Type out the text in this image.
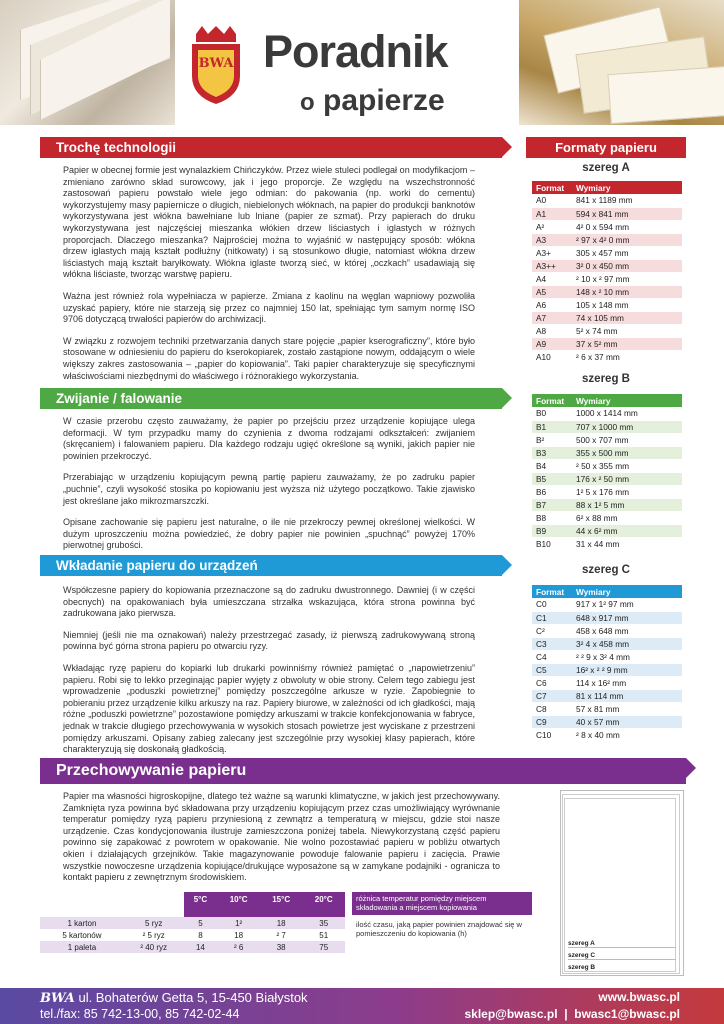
BWA Poradnik
o papierze
Trochę technologii

Papier w obecnej formie jest wynalazkiem Chińczyków. Przez wiele stuleci podlegał on modyfikacjom – zmieniano zarówno skład surowcowy, jak i jego proporcje. Ze względu na wszechstronność zastosowań papieru powstało wiele jego odmian: do pakowania (np. worki do cementu) wykorzystujemy masy papiernicze o długich, niebielonych włóknach, na papier do produkcji banknotów wykorzystywana jest włókna bawełniane lub lniane (papier ze szmat). Przy papierach do druku wykorzystywana jest najczęściej mieszanka włókien drzew liściastych i iglastych w różnych proporcjach. Dlaczego mieszanka? Najprościej można to wyjaśnić w następujący sposób: włókna drzew iglastych mają kształt podłużny (nitkowaty) i są stosunkowo długie, natomiast włókna drzew liściastych mają kształt baryłkowaty. Włókna iglaste tworzą sieć, w której „oczkach” usadawiają się włókna liściaste, tworząc warstwę papieru.

Ważna jest również rola wypełniacza w papierze. Zmiana z kaolinu na węglan wapniowy pozwoliła uzyskać papiery, które nie starzeją się przez co najmniej 150 lat, spełniając tym samym normę ISO 9706 dotyczącą trwałości papierów do archiwizacji.

W związku z rozwojem techniki przetwarzania danych stare pojęcie „papier kserograficzny”, które było stosowane w odniesieniu do papieru do kserokopiarek, zostało zastąpione nowym, oddającym o wiele większy zakres zastosowania – „papier do kopiowania”. Taki papier charakteryzuje się specyficznymi właściwościami niezbędnymi do właściwego i różnorakiego wykorzystania.

Zwijanie / falowanie

W czasie przerobu często zauważamy, że papier po przejściu przez urządzenie kopiujące ulega deformacji. W tym przypadku mamy do czynienia z dwoma rodzajami odkształceń: zwijaniem (skręcaniem) i falowaniem papieru. Dla każdego rodzaju ugięć określone są wyniki, jakich papier nie powinien przekroczyć.

Przerabiając w urządzeniu kopiującym pewną partię papieru zauważamy, że po zadruku papier „puchnie”, czyli wysokość stosika po kopiowaniu jest wyższa niż użytego początkowo. Takie zjawisko jest określane jako mikrozmarszczki.

Opisane zachowanie się papieru jest naturalne, o ile nie przekroczy pewnej określonej wielkości. W dużym uproszczeniu można powiedzieć, że dobry papier nie powinien „spuchnąć” powyżej 170% pierwotnej grubości.

Wkładanie papieru do urządzeń

Współczesne papiery do kopiowania przeznaczone są do zadruku dwustronnego. Dawniej (i w części obecnych) na opakowaniach była umieszczana strzałka wskazująca, która strona powinna być zadrukowana jako pierwsza.

Niemniej (jeśli nie ma oznakowań) należy przestrzegać zasady, iż pierwszą zadrukowywaną stroną powinna być górna strona papieru po otwarciu ryzy.

Wkładając ryzę papieru do kopiarki lub drukarki powinniśmy również pamiętać o „napowietrzeniu” papieru. Robi się to lekko przeginając papier wyjęty z obwoluty w obie strony. Celem tego zabiegu jest wprowadzenie „poduszki powietrznej” pomiędzy poszczególne arkusze w ryzie. Zapobiegnie to pobieraniu przez urządzenie kilku arkuszy na raz. Papiery biurowe, w zależności od ich gładkości, mają różne „poduszki powietrzne” pozostawione pomiędzy arkuszami w trakcie konfekcjonowania w fabryce, jednak w trakcie długiego przechowywania w wysokich stosach powietrze jest wyciskane z przestrzeni pomiędzy arkuszami. Opisany zabieg zalecany jest szczególnie przy wysokiej klasy papierach, które charakteryzują się doskonałą gładkością.

Przechowywanie papieru

Papier ma własności higroskopijne, dlatego też ważne są warunki klimatyczne, w jakich jest przechowywany. Zamknięta ryza powinna być składowana przy urządzeniu kopiującym przez czas umożliwiający wyrównanie temperatur pomiędzy ryzą papieru przyniesioną z zewnątrz a temperaturą w miejscu, gdzie stoi nasze urządzenie. Czas kondycjonowania ilustruje zamieszczona poniżej tabela. Niewykorzystaną część papieru powinno się zapakować z powrotem w opakowanie. Nie wolno pozostawiać papieru w pobliżu otwartych okien i działających grzejników. Takie magazynowanie powoduje falowanie papieru i zacięcia. Prawie wszystkie nowoczesne urządzenia kopiujące/drukujące wyposażone są w zamykane podajniki - ogranicza to kontakt papieru z zewnętrznym środowiskiem.

		5°C	10°C	15°C	20°C

1 karton	5 ryz	5	1²	18	35
5 kartonów	² 5 ryz	8	18	² 7	51
1 paleta	² 40 ryz	14	² 6	38	75
różnica temperatur pomiędzy miejscem składowania a miejscem kopiowania
ilość czasu, jaką papier powinien znajdować się w pomieszczeniu do kopiowania (h)
szereg A
szereg C
szereg B
Formaty papieru
szereg A
Format	Wymiary
A0	841 x 1189 mm
A1	594 x 841 mm
A²	4² 0 x 594 mm
A3	² 97 x 4² 0 mm
A3+	305 x 457 mm
A3++	3² 0 x 450 mm
A4	² 10 x ² 97 mm
A5	148 x ² 10 mm
A6	105 x 148 mm
A7	74 x 105 mm
A8	5² x 74 mm
A9	37 x 5² mm
A10	² 6 x 37 mm
szereg B
Format	Wymiary
B0	1000 x 1414 mm
B1	707 x 1000 mm
B²	500 x 707 mm
B3	355 x 500 mm
B4	² 50 x 355 mm
B5	176 x ² 50 mm
B6	1² 5 x 176 mm
B7	88 x 1² 5 mm
B8	6² x 88 mm
B9	44 x 6² mm
B10	31 x 44 mm
szereg C
Format	Wymiary
C0	917 x 1² 97 mm
C1	648 x 917 mm
C²	458 x 648 mm
C3	3² 4 x 458 mm
C4	² ² 9 x 3² 4 mm
C5	16² x ² ² 9 mm
C6	114 x 16² mm
C7	81 x 114 mm
C8	57 x 81 mm
C9	40 x 57 mm
C10	² 8 x 40 mm
BWA ul. Bohaterów Getta 5, 15-450 Białystok
tel./fax: 85 742-13-00, 85 742-02-44
www.bwasc.pl
sklep@bwasc.pl | bwasc1@bwasc.pl
